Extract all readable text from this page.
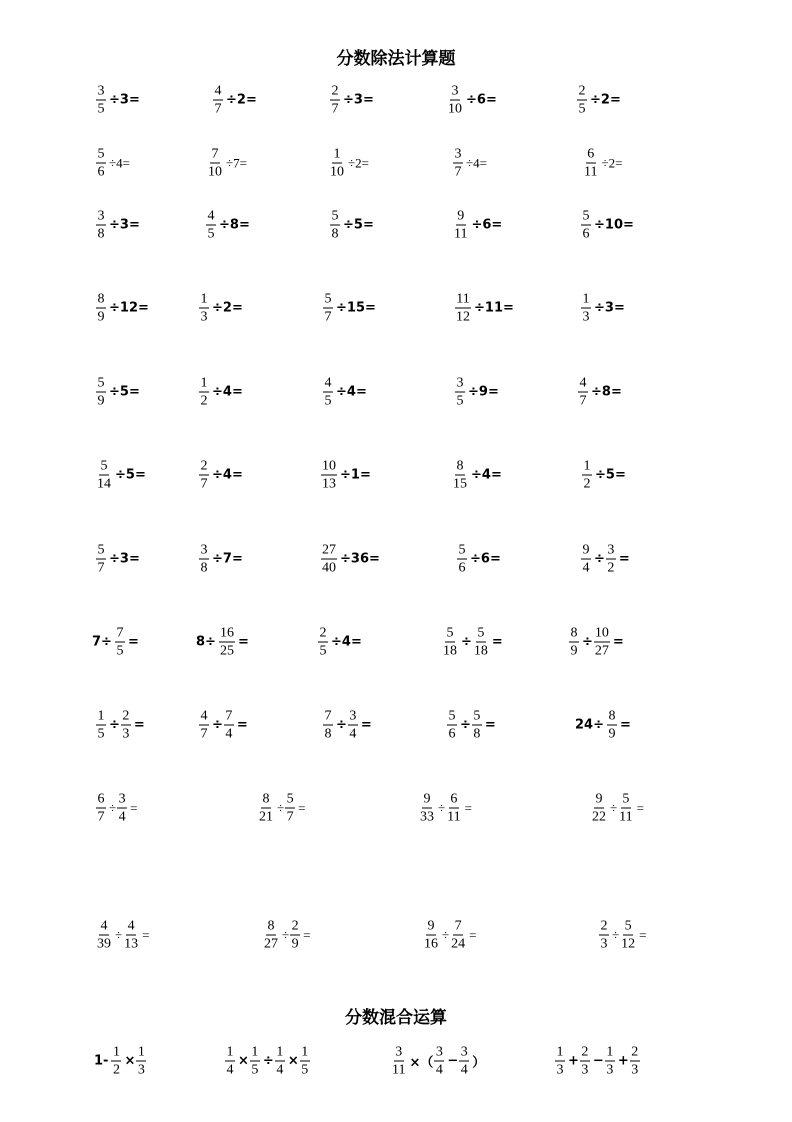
分数除法计算题
$\frac{3}{5} \div 3=$	$\frac{4}{7} \div 2=$	$\frac{2}{7} \div 3=$	$\frac{3}{10} \div 6=$	$\frac{2}{5} \div 2=$
$\frac{5}{6} \div 4=$	$\frac{7}{10} \div 7=$	$\frac{1}{10} \div 2=$	$\frac{3}{7} \div 4=$	$\frac{6}{11} \div 2=$
$\frac{3}{8} \div 3=$	$\frac{4}{5} \div 8=$	$\frac{5}{8} \div 5=$	$\frac{9}{11} \div 6=$	$\frac{5}{6} \div 10=$
$\frac{8}{9} \div 12=$	$\frac{1}{3} \div 2=$	$\frac{5}{7} \div 15=$	$\frac{11}{12} \div 11=$	$\frac{1}{3} \div 3=$
$\frac{5}{9} \div 5=$	$\frac{1}{2} \div 4=$	$\frac{4}{5} \div 4=$	$\frac{3}{5} \div 9=$	$\frac{4}{7} \div 8=$
$\frac{5}{14} \div 5=$	$\frac{2}{7} \div 4=$	$\frac{10}{13} \div 1=$	$\frac{8}{15} \div 4=$	$\frac{1}{2} \div 5=$
$\frac{5}{7} \div 3=$	$\frac{3}{8} \div 7=$	$\frac{27}{40} \div 36=$	$\frac{5}{6} \div 6=$	$\frac{9}{4} \div \frac{3}{2}$ =
$7\div \frac{7}{5}$ =	$8\div \frac{16}{25}$ =	$\frac{2}{5} \div 4=$	$\frac{5}{18} \div \frac{5}{18}$ =	$\frac{8}{9} \div \frac{10}{27}$ =
$\frac{1}{5} \div \frac{2}{3}$ =	$\frac{4}{7} \div \frac{7}{4}$ =	$\frac{7}{8} \div \frac{3}{4}$ =	$\frac{5}{6} \div \frac{5}{8}$ =	$24\div \frac{8}{9}$ =
$\frac{6}{7} \div \frac{3}{4}$ =	$\frac{8}{21} \div \frac{5}{7}$ =	$\frac{9}{33} \div \frac{6}{11}$ =	$\frac{9}{22} \div \frac{5}{11}$ =
$\frac{4}{39} \div \frac{4}{13}$ =	$\frac{8}{27} \div \frac{2}{9}$ =	$\frac{9}{16} \div \frac{7}{24}$ =	$\frac{2}{3} \div \frac{5}{12}$ =
$1- \frac{1}{2} \times \frac{1}{3}$	$\frac{1}{4} \times \frac{1}{5} \div \frac{1}{4} \times \frac{1}{5}$	$\frac{3}{11}$ ×（ $\frac{3}{4} - \frac{3}{4}$ ）	$\frac{1}{3} + \frac{2}{3} - \frac{1}{3} + \frac{2}{3}$
分数混合运算
